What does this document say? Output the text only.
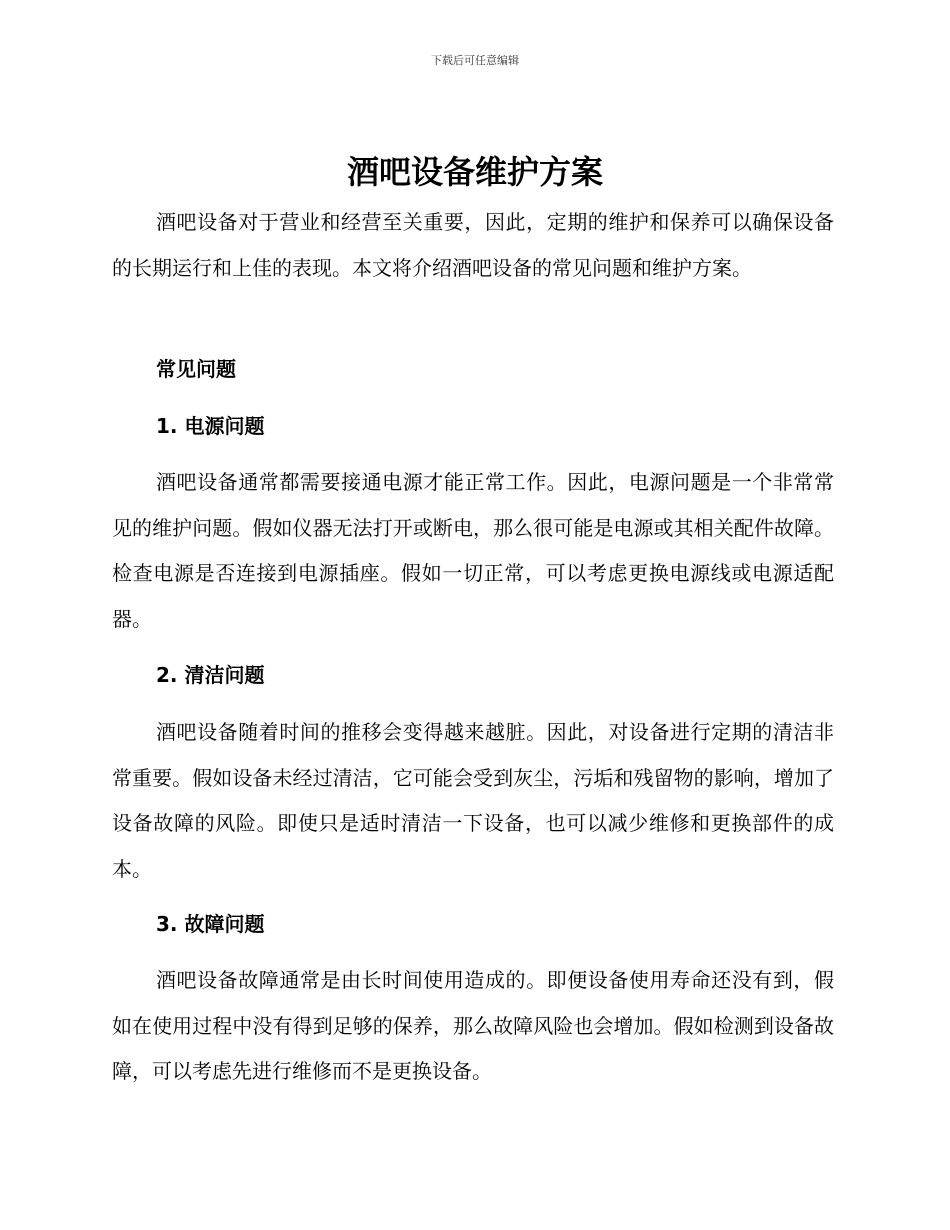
下载后可任意编辑
酒吧设备维护方案

酒吧设备对于营业和经营至关重要，因此，定期的维护和保养可以确保设备的长期运行和上佳的表现。本文将介绍酒吧设备的常见问题和维护方案。

常见问题
1. 电源问题

酒吧设备通常都需要接通电源才能正常工作。因此，电源问题是一个非常常见的维护问题。假如仪器无法打开或断电，那么很可能是电源或其相关配件故障。检查电源是否连接到电源插座。假如一切正常，可以考虑更换电源线或电源适配器。

2. 清洁问题

酒吧设备随着时间的推移会变得越来越脏。因此，对设备进行定期的清洁非常重要。假如设备未经过清洁，它可能会受到灰尘，污垢和残留物的影响，增加了设备故障的风险。即使只是适时清洁一下设备，也可以减少维修和更换部件的成本。

3. 故障问题

酒吧设备故障通常是由长时间使用造成的。即便设备使用寿命还没有到，假如在使用过程中没有得到足够的保养，那么故障风险也会增加。假如检测到设备故障，可以考虑先进行维修而不是更换设备。
